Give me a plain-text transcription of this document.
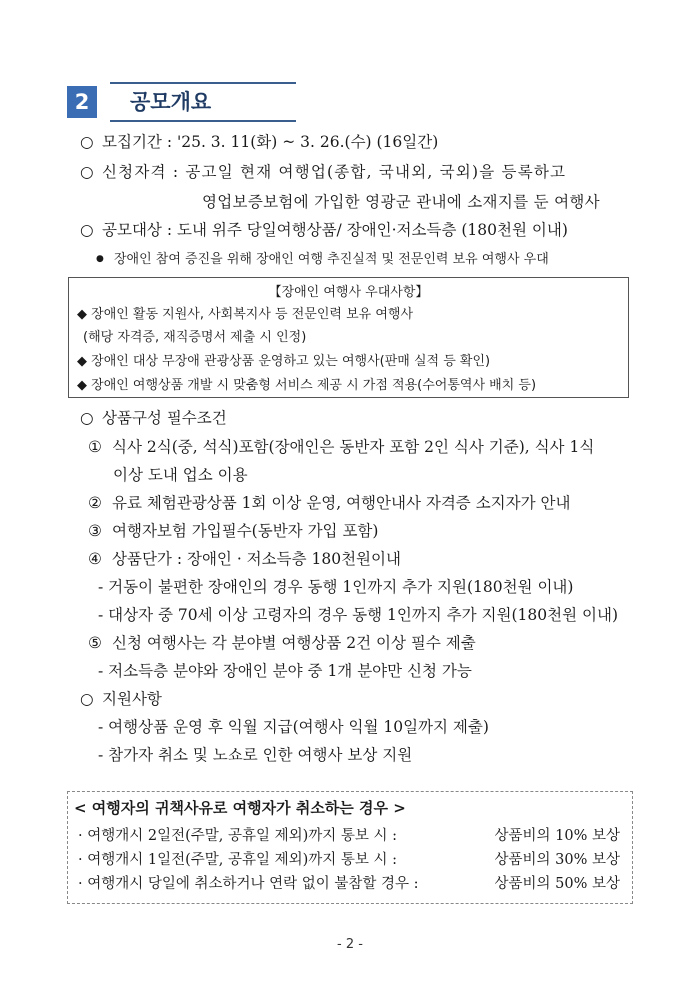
2	공모개요
○ 모집기간 : '25. 3. 11(화) ~ 3. 26.(수) (16일간)
○ 신청자격 : 공고일 현재 여행업(종합, 국내외, 국외)을 등록하고
영업보증보험에 가입한 영광군 관내에 소재지를 둔 여행사
○ 공모대상 : 도내 위주 당일여행상품/ 장애인·저소득층 (180천원 이내)
● 장애인 참여 증진을 위해 장애인 여행 추진실적 및 전문인력 보유 여행사 우대
【장애인 여행사 우대사항】
◆ 장애인 활동 지원사, 사회복지사 등 전문인력 보유 여행사
(해당 자격증, 재직증명서 제출 시 인정)
◆ 장애인 대상 무장애 관광상품 운영하고 있는 여행사(판매 실적 등 확인)
◆ 장애인 여행상품 개발 시 맞춤형 서비스 제공 시 가점 적용(수어통역사 배치 등)
○ 상품구성 필수조건
① 식사 2식(중, 석식)포함(장애인은 동반자 포함 2인 식사 기준), 식사 1식
이상 도내 업소 이용
② 유료 체험관광상품 1회 이상 운영, 여행안내사 자격증 소지자가 안내
③ 여행자보험 가입필수(동반자 가입 포함)
④ 상품단가 : 장애인 · 저소득층 180천원이내
- 거동이 불편한 장애인의 경우 동행 1인까지 추가 지원(180천원 이내)
- 대상자 중 70세 이상 고령자의 경우 동행 1인까지 추가 지원(180천원 이내)
⑤ 신청 여행사는 각 분야별 여행상품 2건 이상 필수 제출
- 저소득층 분야와 장애인 분야 중 1개 분야만 신청 가능
○ 지원사항
- 여행상품 운영 후 익월 지급(여행사 익월 10일까지 제출)
- 참가자 취소 및 노쇼로 인한 여행사 보상 지원
< 여행자의 귀책사유로 여행자가 취소하는 경우 >
· 여행개시 2일전(주말, 공휴일 제외)까지 통보 시 :	상품비의 10% 보상
· 여행개시 1일전(주말, 공휴일 제외)까지 통보 시 :	상품비의 30% 보상
· 여행개시 당일에 취소하거나 연락 없이 불참할 경우 :	상품비의 50% 보상
- 2 -
